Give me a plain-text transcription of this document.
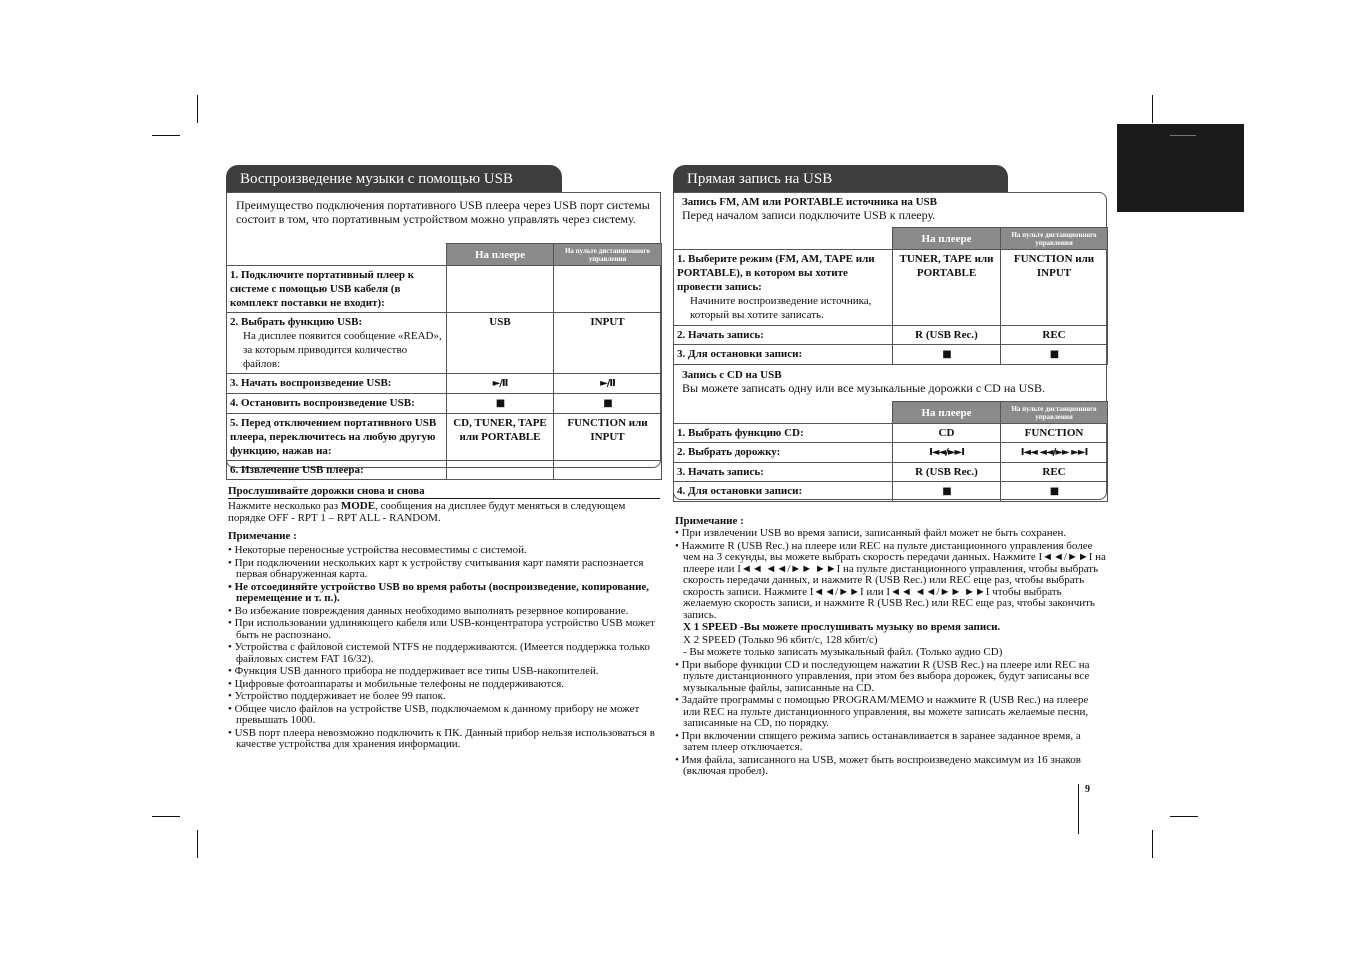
9
Воспроизведение музыки с помощью USB
Преимущество подключения портативного USB плеера через USB порт системы состоит в том, что портативным устройством можно управлять через систему.
	На плеере	На пульте дистанционного управления
1. Подключите портативный плеер к системе с помощью USB кабеля (в комплект поставки не входит):		
2. Выбрать функцию USB:
На дисплее появится сообщение «READ», за которым приводится количество файлов:	USB	INPUT
3. Начать воспроизведение USB:	►/II	►/II
4. Остановить воспроизведение USB:	■	■
5. Перед отключением портативного USB плеера, переключитесь на любую другую функцию, нажав на:	CD, TUNER, TAPE или PORTABLE	FUNCTION или INPUT
6. Извлечение USB плеера:		
Прослушивайте дорожки снова и снова
Нажмите несколько раз MODE, сообщения на дисплее будут меняться в следующем порядке OFF - RPT 1 – RPT ALL - RANDOM.
Примечание :
• Некоторые переносные устройства несовместимы с системой.
• При подключении нескольких карт к устройству считывания карт памяти распознается первая обнаруженная карта.
• Не отсоединяйте устройство USB во время работы (воспроизведение, копирование, перемещение и т. п.).
• Во избежание повреждения данных необходимо выполнять резервное копирование.
• При использовании удлиняющего кабеля или USB-концентратора устройство USB может быть не распознано.
• Устройства с файловой системой NTFS не поддерживаются. (Имеется поддержка только файловых систем FAT 16/32).
• Функция USB данного прибора не поддерживает все типы USB-накопителей.
• Цифровые фотоаппараты и мобильные телефоны не поддерживаются.
• Устройство поддерживает не более 99 папок.
• Общее число файлов на устройстве USB, подключаемом к данному прибору не может превышать 1000.
• USB порт плеера невозможно подключить к ПК. Данный прибор нельзя использоваться в качестве устройства для хранения информации.
Прямая запись на USB
Запись FM, AM или PORTABLE источника на USB
Перед началом записи подключите USB к плееру.
	На плеере	На пульте дистанционного управления
1. Выберите режим (FM, AM, TAPE или PORTABLE), в котором вы хотите провести запись:
Начините воспроизведение источника, который вы хотите записать.	TUNER, TAPE или PORTABLE	FUNCTION или INPUT
2. Начать запись:	R (USB Rec.)	REC
3. Для остановки записи:	■	■
Запись с CD на USB
Вы можете записать одну или все музыкальные дорожки с CD на USB.
	На плеере	На пульте дистанционного управления
1. Выбрать функцию CD:	CD	FUNCTION
2. Выбрать дорожку:	I◄◄/►►I	I◄◄ ◄◄/►► ►►I
3. Начать запись:	R (USB Rec.)	REC
4. Для остановки записи:	■	■
Примечание :
• При извлечении USB во время записи, записанный файл может не быть сохранен.
• Нажмите R (USB Rec.) на плеере или REC на пульте дистанционного управления более чем на 3 секунды, вы можете выбрать скорость передачи данных. Нажмите I◄◄/►►I на плеере или I◄◄ ◄◄/►► ►►I на пульте дистанционного управления, чтобы выбрать скорость передачи данных, и нажмите R (USB Rec.) или REC еще раз, чтобы выбрать скорость записи. Нажмите I◄◄/►►I или I◄◄ ◄◄/►► ►►I чтобы выбрать желаемую скорость записи, и нажмите R (USB Rec.) или REC еще раз, чтобы закончить запись.
X 1 SPEED -Вы можете прослушивать музыку во время записи.
X 2 SPEED (Только 96 кбит/с, 128 кбит/с)
- Вы можете только записать музыкальный файл. (Только аудио CD)
• При выборе функции CD и последующем нажатии R (USB Rec.) на плеере или REC на пульте дистанционного управления, при этом без выбора дорожек, будут записаны все музыкальные файлы, записанные на CD.
• Задайте программы с помощью PROGRAM/MEMO и нажмите R (USB Rec.) на плеере или REC на пульте дистанционного управления, вы можете записать желаемые песни, записанные на CD, по порядку.
• При включении спящего режима запись останавливается в заранее заданное время, а затем плеер отключается.
• Имя файла, записанного на USB, может быть воспроизведено максимум из 16 знаков (включая пробел).
